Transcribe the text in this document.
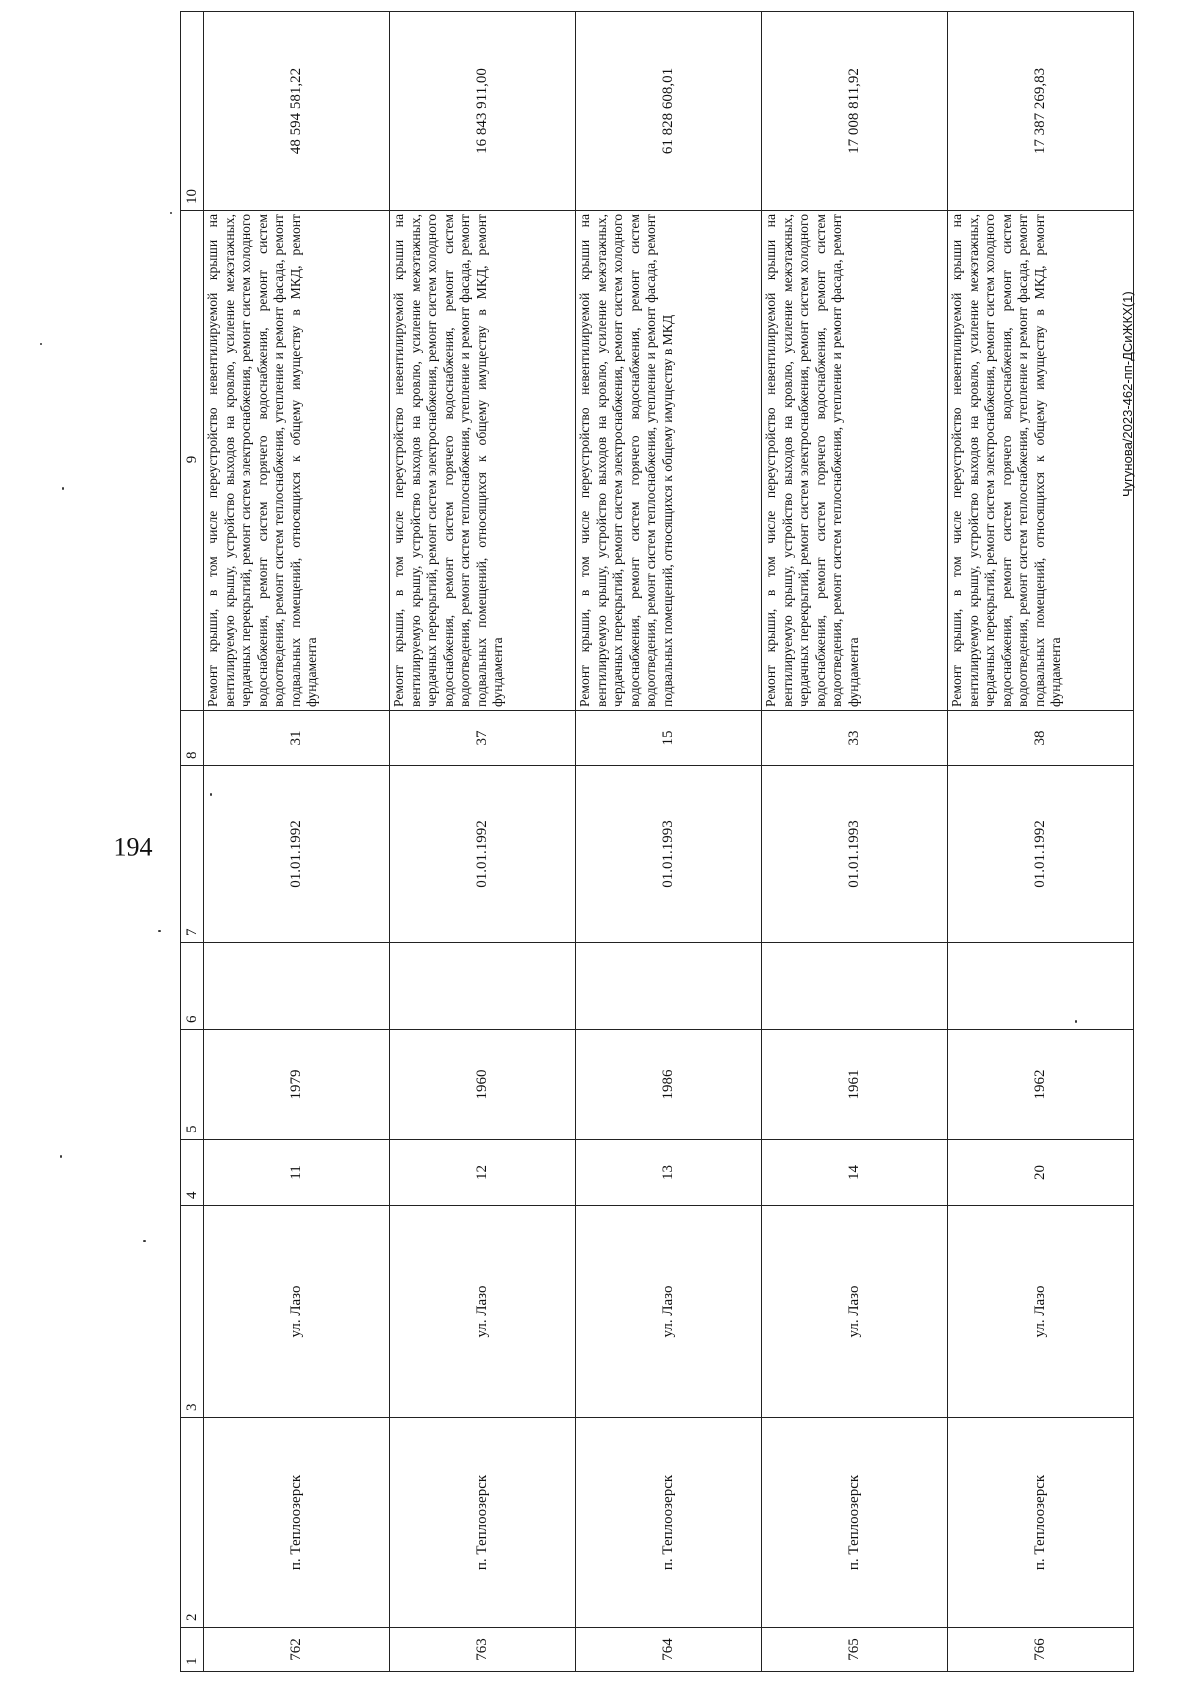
194
1	2	3	4	5	6	7	8	9	10
762	п. Теплоозерск	ул. Лазо	11	1979		01.01.1992	31	Ремонт крыши, в том числе переустройство невентилируемой крыши на вентилируемую крышу, устройство выходов на кровлю, усиление межэтажных, чердачных перекрытий, ремонт систем электроснабжения, ремонт систем холодного водоснабжения, ремонт систем горячего водоснабжения, ремонт систем водоотведения, ремонт систем теплоснабжения, утепление и ремонт фасада, ремонт подвальных помещений, относящихся к общему имуществу в МКД, ремонт фундамента	48 594 581,22
763	п. Теплоозерск	ул. Лазо	12	1960		01.01.1992	37	Ремонт крыши, в том числе переустройство невентилируемой крыши на вентилируемую крышу, устройство выходов на кровлю, усиление межэтажных, чердачных перекрытий, ремонт систем электроснабжения, ремонт систем холодного водоснабжения, ремонт систем горячего водоснабжения, ремонт систем водоотведения, ремонт систем теплоснабжения, утепление и ремонт фасада, ремонт подвальных помещений, относящихся к общему имуществу в МКД, ремонт фундамента	16 843 911,00
764	п. Теплоозерск	ул. Лазо	13	1986		01.01.1993	15	Ремонт крыши, в том числе переустройство невентилируемой крыши на вентилируемую крышу, устройство выходов на кровлю, усиление межэтажных, чердачных перекрытий, ремонт систем электроснабжения, ремонт систем холодного водоснабжения, ремонт систем горячего водоснабжения, ремонт систем водоотведения, ремонт систем теплоснабжения, утепление и ремонт фасада, ремонт подвальных помещений, относящихся к общему имуществу в МКД	61 828 608,01
765	п. Теплоозерск	ул. Лазо	14	1961		01.01.1993	33	Ремонт крыши, в том числе переустройство невентилируемой крыши на вентилируемую крышу, устройство выходов на кровлю, усиление межэтажных, чердачных перекрытий, ремонт систем электроснабжения, ремонт систем холодного водоснабжения, ремонт систем горячего водоснабжения, ремонт систем водоотведения, ремонт систем теплоснабжения, утепление и ремонт фасада, ремонт фундамента	17 008 811,92
766	п. Теплоозерск	ул. Лазо	20	1962		01.01.1992	38	Ремонт крыши, в том числе переустройство невентилируемой крыши на вентилируемую крышу, устройство выходов на кровлю, усиление межэтажных, чердачных перекрытий, ремонт систем электроснабжения, ремонт систем холодного водоснабжения, ремонт систем горячего водоснабжения, ремонт систем водоотведения, ремонт систем теплоснабжения, утепление и ремонт фасада, ремонт подвальных помещений, относящихся к общему имуществу в МКД, ремонт фундамента	17 387 269,83
Чугунова/2023-462-пп-ДСиЖКХ(1)
